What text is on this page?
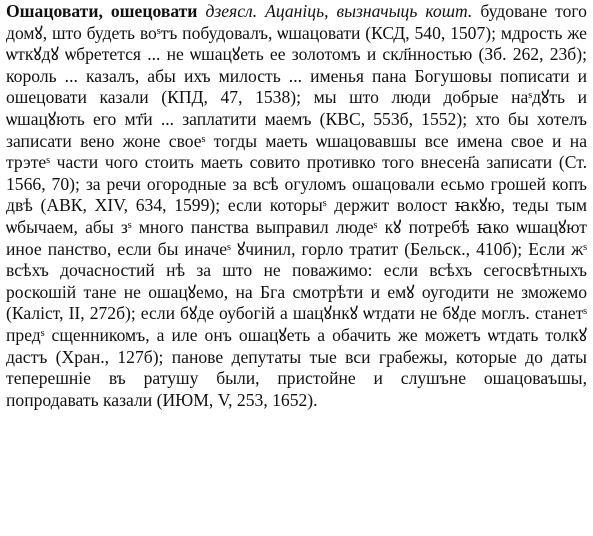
Ошацовати, ошецовати дзеясл. Ацаніць, вызначыць кошт. будоване того домꙋ, што будеть воˢтъ побудовалъ, ѡшацовати (КСД, 540, 1507); мдрость же ѡткꙋдꙋ ѡбретется ... не ѡшацꙋеть ее золотомъ и скл҃нностью (Зб. 262, 23б); король ... казалъ, абы ихъ милость ... именья пана Богушовы пописати и ошецовати казали (КПД, 47, 1538); мы што люди добрые наˢдꙋть и ѡшацꙋють его мт҃и ... заплатити маемъ (КВС, 553б, 1552); хто бы хотелъ записати вено жоне своеˢ тогды маеть ѡшацовавшы все имена свое и на трэтеˢ части чого стоить маеть совито противко того внесен҃а записати (Ст. 1566, 70); за речи огородные за всѣ огуломъ ошацовали есьмо грошей копъ двѣ (АВК, XIV, 634, 1599); если которыˢ держит волост ꙗкꙋю, теды тым ѡбычаем, абы зˢ много панства выправил людеˢ кꙋ потребѣ ꙗко ѡшацꙋют иное панство, если бы иначеˢ ꙋчинил, горло тратит (Бельск., 410б); Если жˢ всѣхъ дочасностий нѣ за што не поважимо: если всѣхъ сегосвѣтныхъ роскошій тане не ошацꙋемо, на Бга смотрѣти и емꙋ оугодити не зможемо (Каліст, II, 272б); если бꙋде оубогій а шацꙋнкꙋ ѡтдати не бꙋде моглъ. станетˢ предˢ сщенникомъ, а иле онъ ошацꙋеть а обачить же можетъ ѡтдать толкꙋ дастъ (Хран., 127б); панове депутаты тые вси грабежы, которые до даты теперешніе въ ратушу были, пристойне и слушъне ошацоваъшы, попродавать казали (ИЮМ, V, 253, 1652).
